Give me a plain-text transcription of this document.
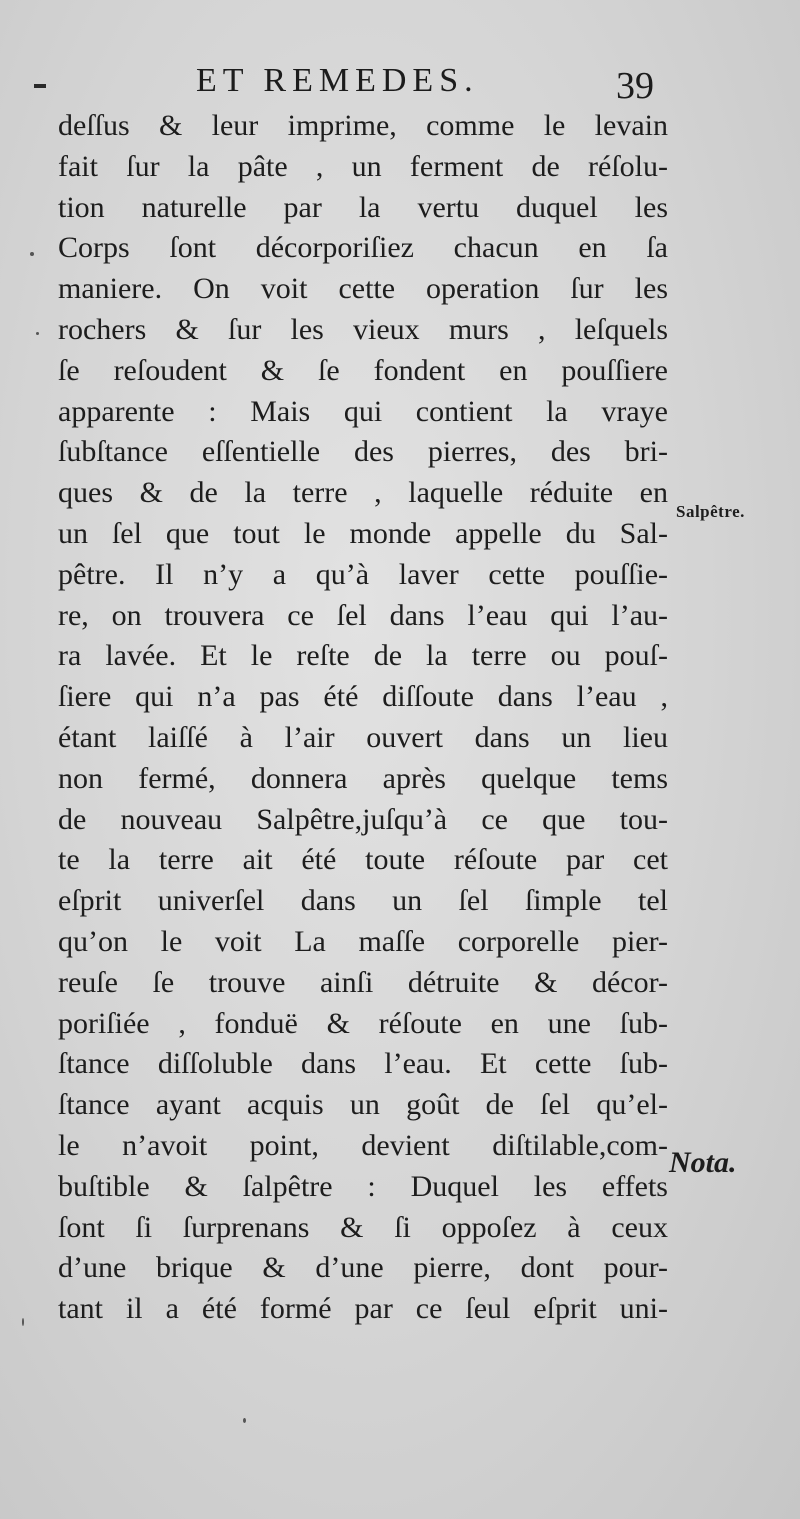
ET REMEDES.	39
deſſus & leur imprime, comme le levain
fait ſur la pâte , un ferment de réſolu-
tion naturelle par la vertu duquel les
Corps ſont décorporiſiez chacun en ſa
maniere. On voit cette operation ſur les
rochers & ſur les vieux murs , leſquels
ſe reſoudent & ſe fondent en pouſſiere
apparente : Mais qui contient la vraye
ſubſtance eſſentielle des pierres, des bri-
ques & de la terre , laquelle réduite en
un ſel que tout le monde appelle du Sal-
pêtre. Il n’y a qu’à laver cette pouſſie-
re, on trouvera ce ſel dans l’eau qui l’au-
ra lavée. Et le reſte de la terre ou pouſ-
ſiere qui n’a pas été diſſoute dans l’eau ,
étant laiſſé à l’air ouvert dans un lieu
non fermé, donnera après quelque tems
de nouveau Salpêtre,juſqu’à ce que tou-
te la terre ait été toute réſoute par cet
eſprit univerſel dans un ſel ſimple tel
qu’on le voit La maſſe corporelle pier-
reuſe ſe trouve ainſi détruite & décor-
poriſiée , fonduë & réſoute en une ſub-
ſtance diſſoluble dans l’eau. Et cette ſub-
ſtance ayant acquis un goût de ſel qu’el-
le n’avoit point, devient diſtilable,com-
buſtible & ſalpêtre : Duquel les effets
ſont ſi ſurprenans & ſi oppoſez à ceux
d’une brique & d’une pierre, dont pour-
tant il a été formé par ce ſeul eſprit uni-
Salpêtre.
Nota.
